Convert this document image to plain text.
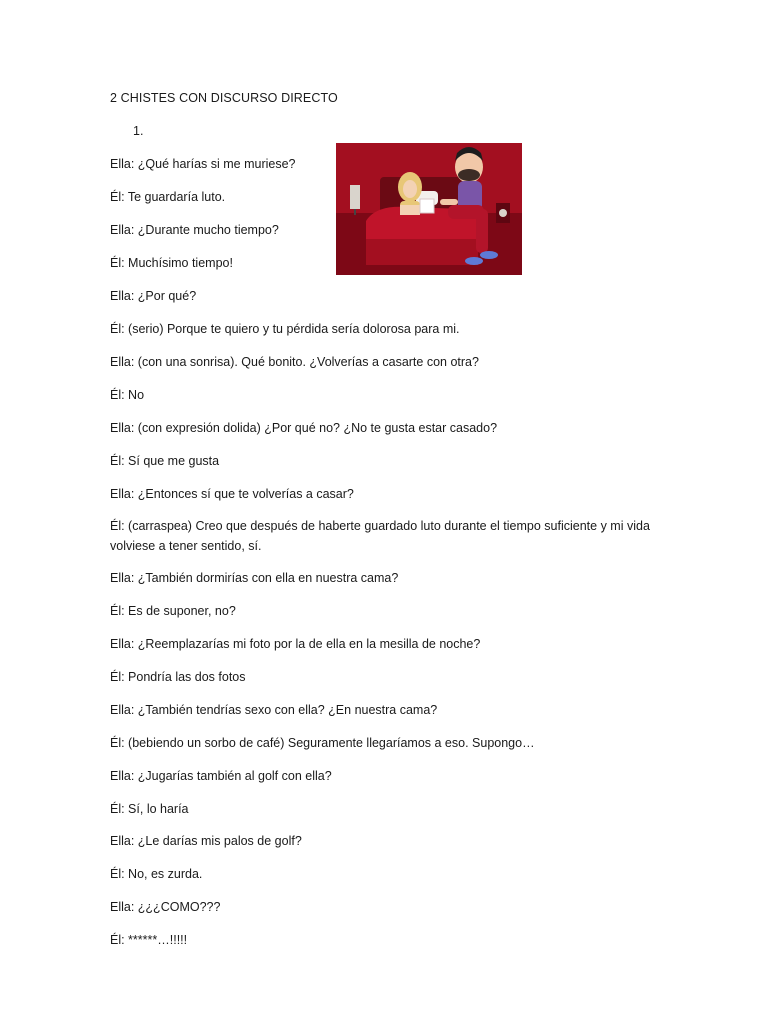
2 CHISTES CON DISCURSO DIRECTO
1.
Ella: ¿Qué harías si me muriese?
Él: Te guardaría luto.
Ella: ¿Durante mucho tiempo?
Él: Muchísimo tiempo!
Ella: ¿Por qué?
Él: (serio) Porque te quiero y tu pérdida sería dolorosa para mi.
Ella: (con una sonrisa). Qué bonito. ¿Volverías a casarte con otra?
Él: No
Ella: (con expresión dolida) ¿Por qué no? ¿No te gusta estar casado?
Él: Sí que me gusta
Ella: ¿Entonces sí que te volverías a casar?
Él: (carraspea) Creo que después de haberte guardado luto durante el tiempo suficiente y mi vida volviese a tener sentido, sí.
Ella: ¿También dormirías con ella en nuestra cama?
Él: Es de suponer, no?
Ella: ¿Reemplazarías mi foto por la de ella en la mesilla de noche?
Él: Pondría las dos fotos
Ella: ¿También tendrías sexo con ella? ¿En nuestra cama?
Él: (bebiendo un sorbo de café) Seguramente llegaríamos a eso. Supongo…
Ella: ¿Jugarías también al golf con ella?
Él: Sí, lo haría
Ella: ¿Le darías mis palos de golf?
Él: No, es zurda.
Ella: ¿¿¿COMO???
Él: ******…!!!!!
